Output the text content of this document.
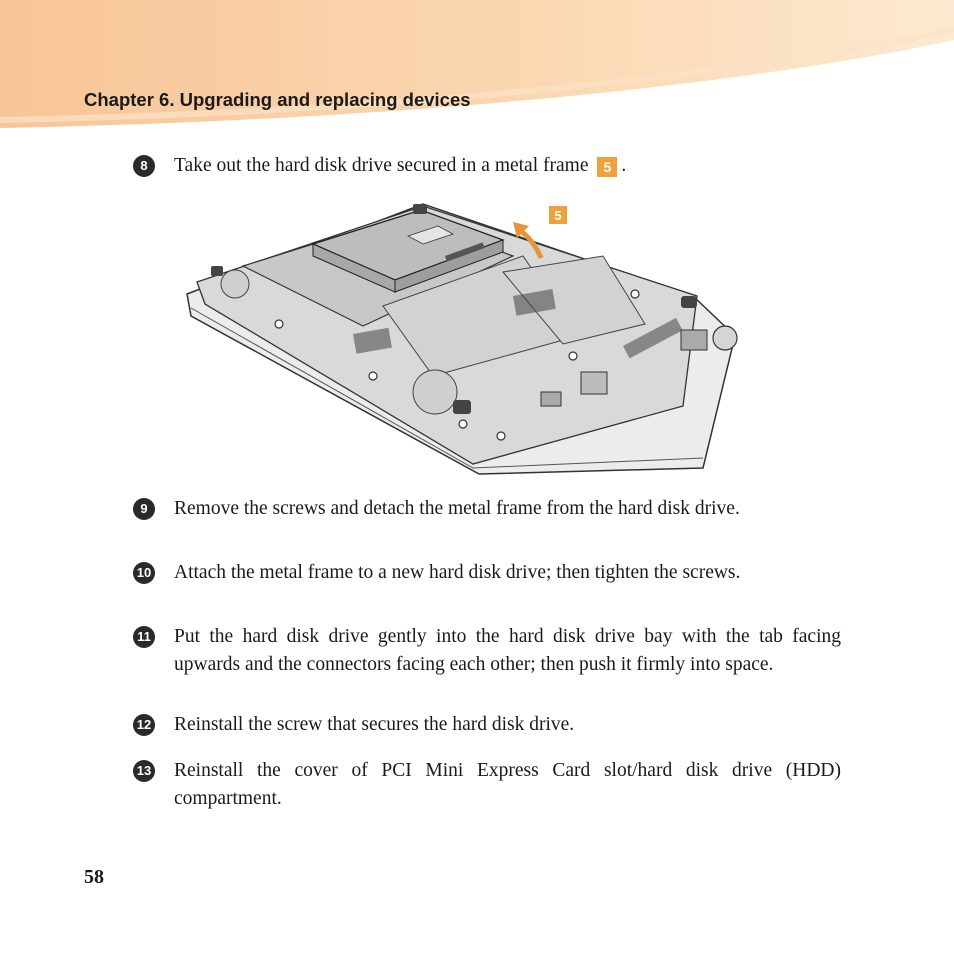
Chapter 6. Upgrading and replacing devices
8	Take out the hard disk drive secured in a metal frame 5 .
5
9	Remove the screws and detach the metal frame from the hard disk drive.
10 Attach the metal frame to a new hard disk drive; then tighten the screws.
11 Put the hard disk drive gently into the hard disk drive bay with the tab facing upwards and the connectors facing each other; then push it firmly into space.
12 Reinstall the screw that secures the hard disk drive.
13 Reinstall the cover of PCI Mini Express Card slot/hard disk drive (HDD) compartment.
58
